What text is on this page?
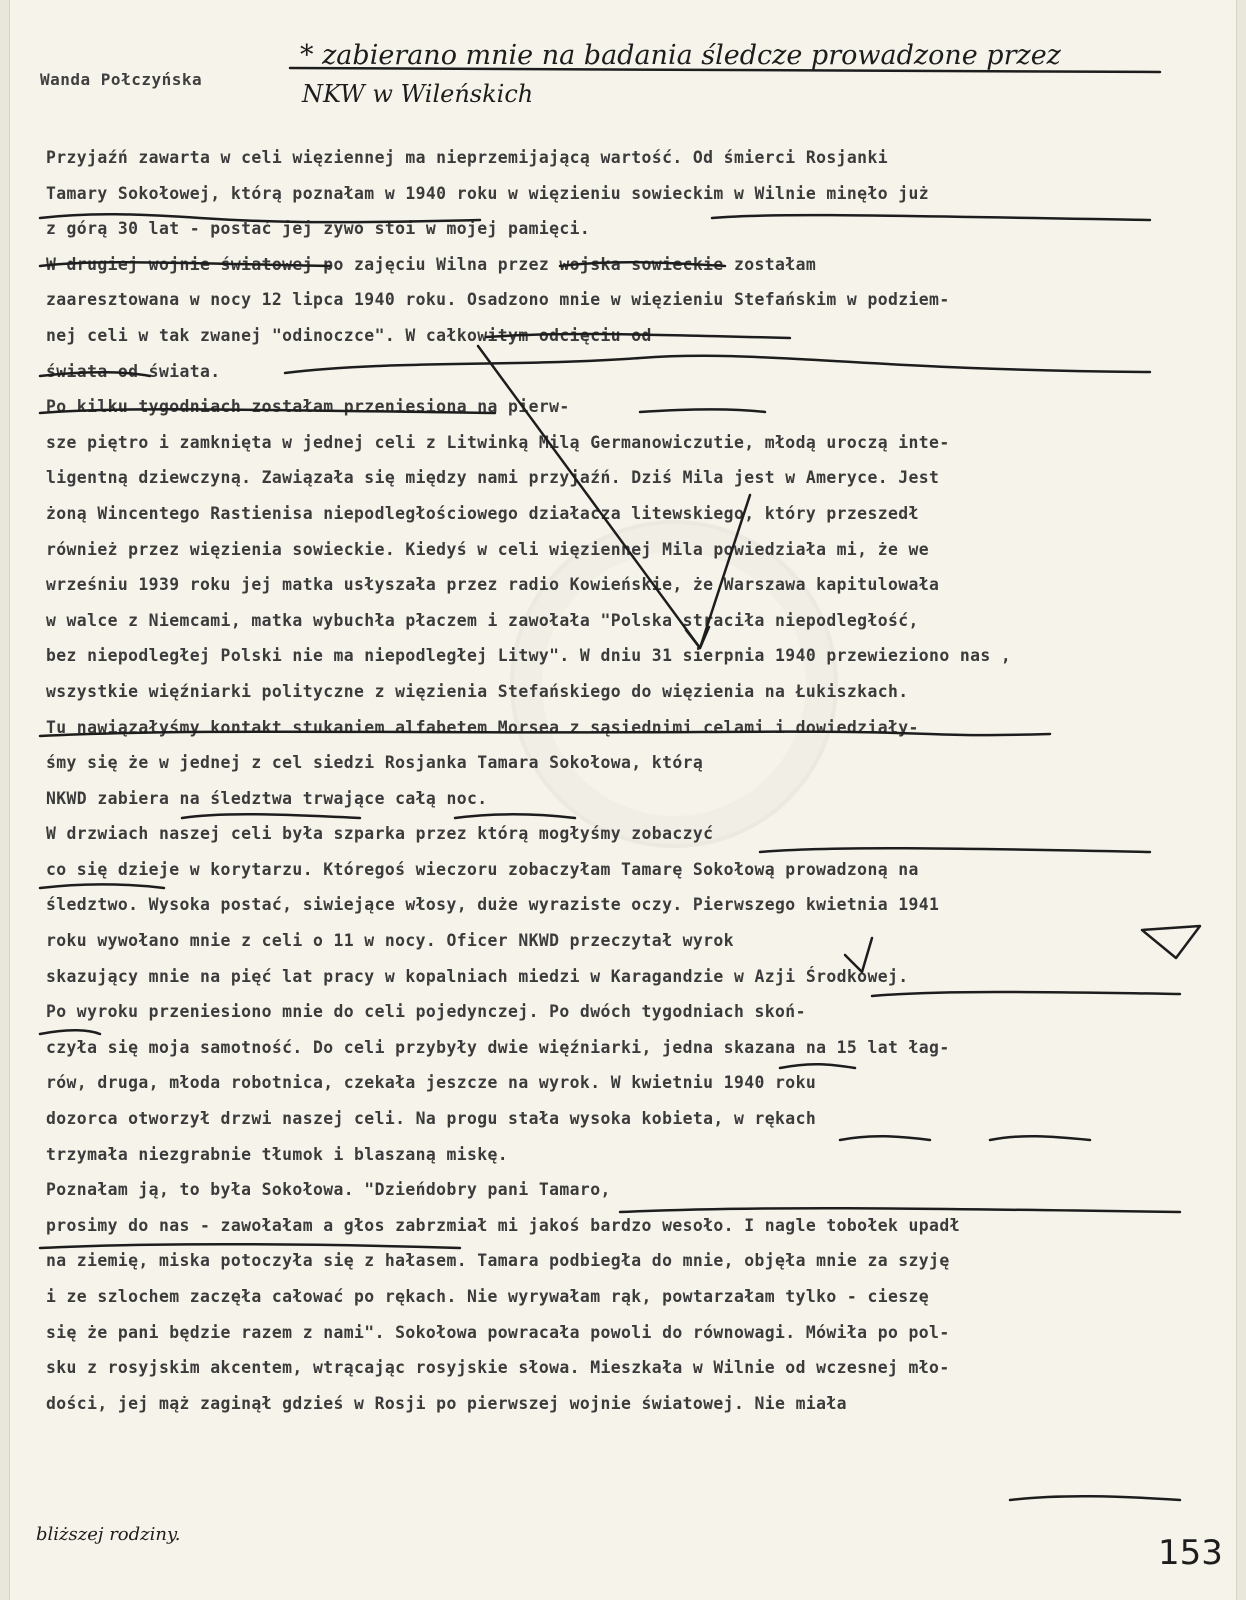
* zabierano mnie na badania śledcze prowadzone przez
NKW w Wileńskich
Wanda Połczyńska
Przyjaźń zawarta w celi więziennej ma nieprzemijającą wartość. Od śmierci Rosjanki
Tamary Sokołowej, którą poznałam w 1940 roku w więzieniu sowieckim w Wilnie minęło już
z górą 30 lat - postać jej żywo stoi w mojej pamięci.
W drugiej wojnie światowej po zajęciu Wilna przez wojska sowieckie zostałam
zaaresztowana w nocy 12 lipca 1940 roku. Osadzono mnie w więzieniu Stefańskim w podziem-
nej celi w tak zwanej "odinoczce". W całkowitym odcięciu od
świata od świata.
Po kilku tygodniach zostałam przeniesiona na pierw-
sze piętro i zamknięta w jednej celi z Litwinką Milą Germanowiczutie, młodą uroczą inte-
ligentną dziewczyną. Zawiązała się między nami przyjaźń. Dziś Mila jest w Ameryce. Jest
żoną Wincentego Rastienisa niepodległościowego działacza litewskiego, który przeszedł
również przez więzienia sowieckie. Kiedyś w celi więziennej Mila powiedziała mi, że we
wrześniu 1939 roku jej matka usłyszała przez radio Kowieńskie, że Warszawa kapitulowała
w walce z Niemcami, matka wybuchła płaczem i zawołała "Polska straciła niepodległość,
bez niepodległej Polski nie ma niepodległej Litwy". W dniu 31 sierpnia 1940 przewieziono nas ,
wszystkie więźniarki polityczne z więzienia Stefańskiego do więzienia na Łukiszkach.
Tu nawiązałyśmy kontakt stukaniem alfabetem Morsea z sąsiednimi celami i dowiedziały-
śmy się że w jednej z cel siedzi Rosjanka Tamara Sokołowa, którą
NKWD zabiera na śledztwa trwające całą noc.
W drzwiach naszej celi była szparka przez którą mogłyśmy zobaczyć
co się dzieje w korytarzu. Któregoś wieczoru zobaczyłam Tamarę Sokołową prowadzoną na
śledztwo. Wysoka postać, siwiejące włosy, duże wyraziste oczy. Pierwszego kwietnia 1941
roku wywołano mnie z celi o 11 w nocy. Oficer NKWD przeczytał wyrok
skazujący mnie na pięć lat pracy w kopalniach miedzi w Karagandzie w Azji Środkowej.
Po wyroku przeniesiono mnie do celi pojedynczej. Po dwóch tygodniach skoń-
czyła się moja samotność. Do celi przybyły dwie więźniarki, jedna skazana na 15 lat łag-
rów, druga, młoda robotnica, czekała jeszcze na wyrok. W kwietniu 1940 roku
dozorca otworzył drzwi naszej celi. Na progu stała wysoka kobieta, w rękach
trzymała niezgrabnie tłumok i blaszaną miskę.
Poznałam ją, to była Sokołowa. "Dzieńdobry pani Tamaro,
prosimy do nas - zawołałam a głos zabrzmiał mi jakoś bardzo wesoło. I nagle tobołek upadł
na ziemię, miska potoczyła się z hałasem. Tamara podbiegła do mnie, objęła mnie za szyję
i ze szlochem zaczęła całować po rękach. Nie wyrywałam rąk, powtarzałam tylko - cieszę
się że pani będzie razem z nami". Sokołowa powracała powoli do równowagi. Mówiła po pol-
sku z rosyjskim akcentem, wtrącając rosyjskie słowa. Mieszkała w Wilnie od wczesnej mło-
dości, jej mąż zaginął gdzieś w Rosji po pierwszej wojnie światowej. Nie miała
bliższej rodziny.	153
